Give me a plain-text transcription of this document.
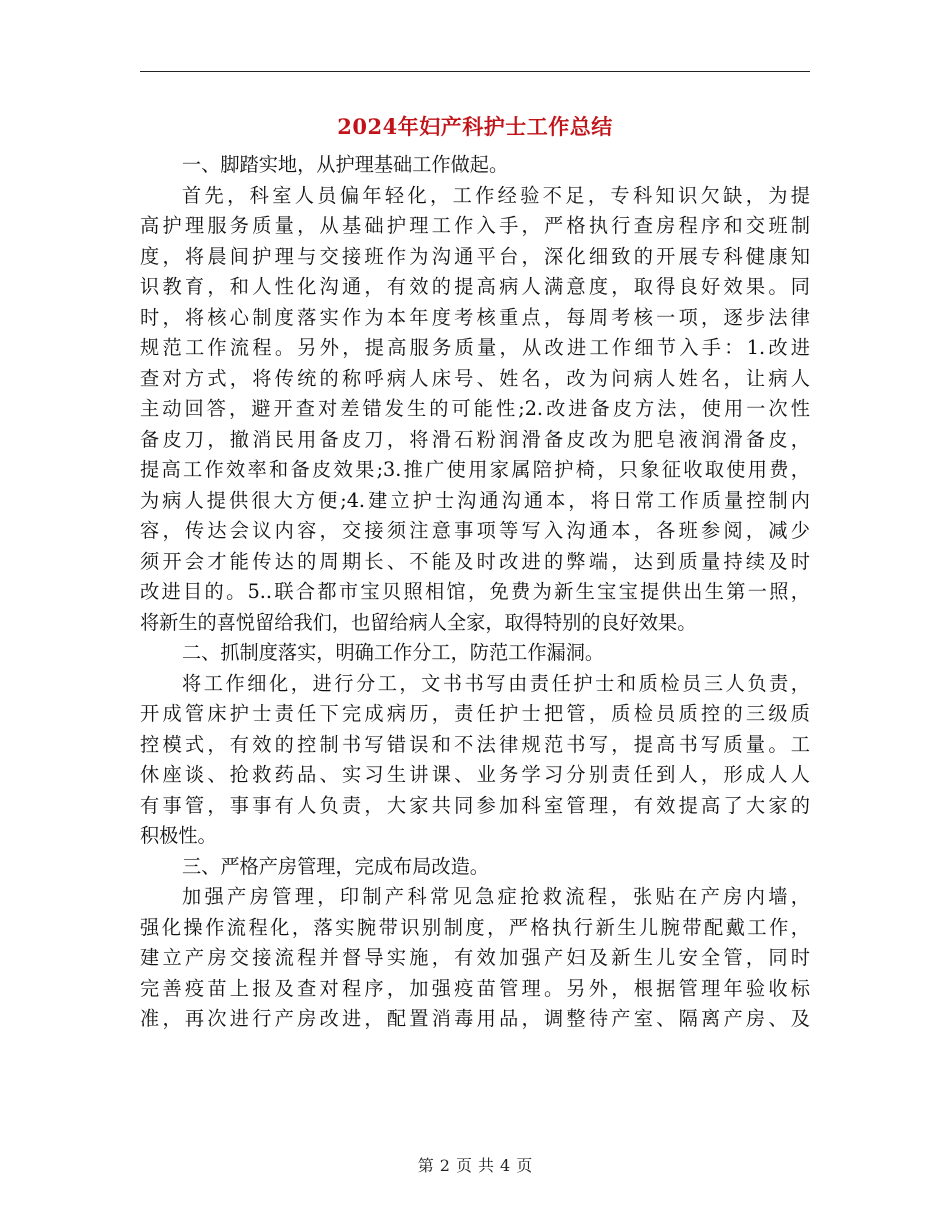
2024年妇产科护士工作总结
一、脚踏实地，从护理基础工作做起。
首先，科室人员偏年轻化，工作经验不足，专科知识欠缺，为提
高护理服务质量，从基础护理工作入手，严格执行查房程序和交班制
度，将晨间护理与交接班作为沟通平台，深化细致的开展专科健康知
识教育，和人性化沟通，有效的提高病人满意度，取得良好效果。同
时，将核心制度落实作为本年度考核重点，每周考核一项，逐步法律
规范工作流程。另外，提高服务质量，从改进工作细节入手：1.改进
查对方式，将传统的称呼病人床号、姓名，改为问病人姓名，让病人
主动回答，避开查对差错发生的可能性;2.改进备皮方法，使用一次性
备皮刀，撤消民用备皮刀，将滑石粉润滑备皮改为肥皂液润滑备皮，
提高工作效率和备皮效果;3.推广使用家属陪护椅，只象征收取使用费，
为病人提供很大方便;4.建立护士沟通沟通本，将日常工作质量控制内
容，传达会议内容，交接须注意事项等写入沟通本，各班参阅，减少
须开会才能传达的周期长、不能及时改进的弊端，达到质量持续及时
改进目的。5..联合都市宝贝照相馆，免费为新生宝宝提供出生第一照，
将新生的喜悦留给我们，也留给病人全家，取得特别的良好效果。
二、抓制度落实，明确工作分工，防范工作漏洞。
将工作细化，进行分工，文书书写由责任护士和质检员三人负责，
开成管床护士责任下完成病历，责任护士把管，质检员质控的三级质
控模式，有效的控制书写错误和不法律规范书写，提高书写质量。工
休座谈、抢救药品、实习生讲课、业务学习分别责任到人，形成人人
有事管，事事有人负责，大家共同参加科室管理，有效提高了大家的
积极性。
三、严格产房管理，完成布局改造。
加强产房管理，印制产科常见急症抢救流程，张贴在产房内墙，
强化操作流程化，落实腕带识别制度，严格执行新生儿腕带配戴工作，
建立产房交接流程并督导实施，有效加强产妇及新生儿安全管，同时
完善疫苗上报及查对程序，加强疫苗管理。另外，根据管理年验收标
准，再次进行产房改进，配置消毒用品，调整待产室、隔离产房、及
第 2 页 共 4 页
